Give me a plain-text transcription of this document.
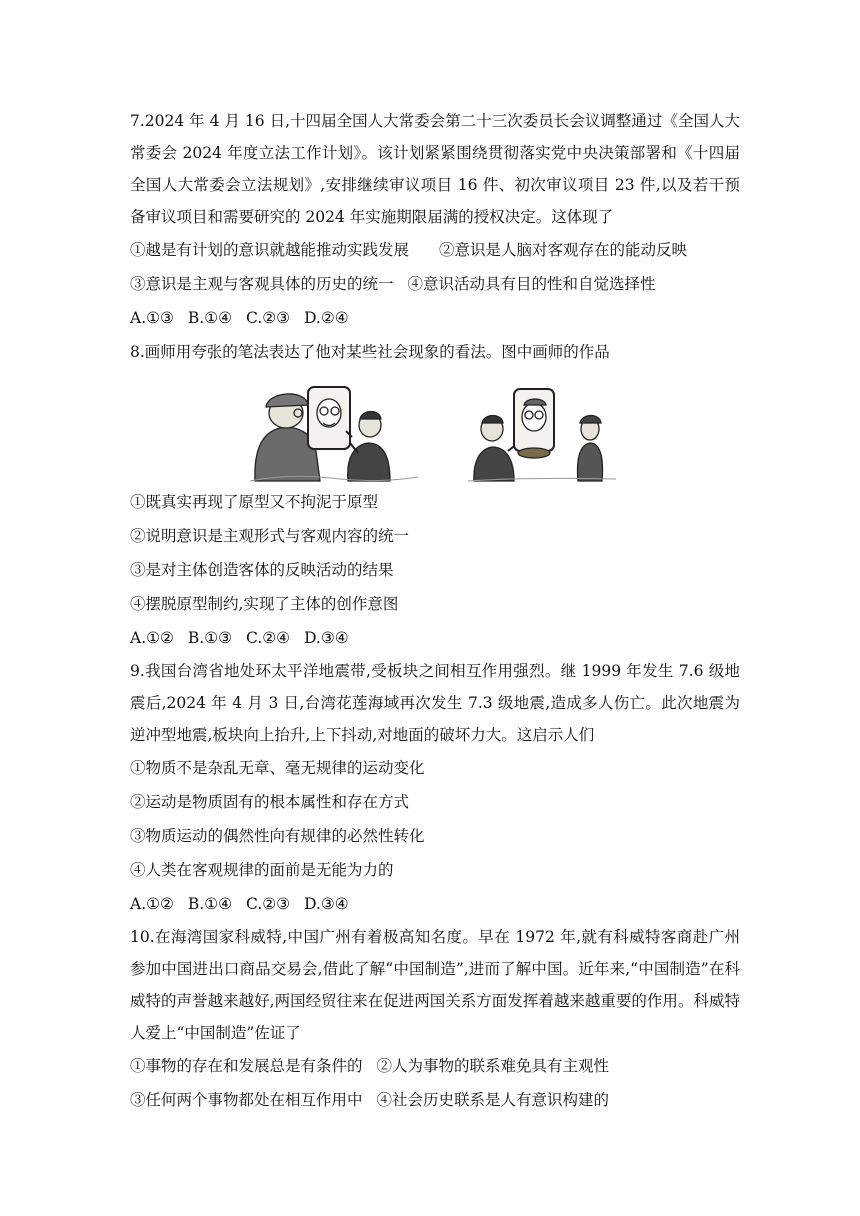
7.2024 年 4 月 16 日,十四届全国人大常委会第二十三次委员长会议调整通过《全国人大常委会 2024 年度立法工作计划》。该计划紧紧围绕贯彻落实党中央决策部署和《十四届全国人大常委会立法规划》,安排继续审议项目 16 件、初次审议项目 23 件,以及若干预备审议项目和需要研究的 2024 年实施期限届满的授权决定。这体现了

①越是有计划的意识就越能推动实践发展 ②意识是人脑对客观存在的能动反映

③意识是主观与客观具体的历史的统一 ④意识活动具有目的性和自觉选择性

A.①③ B.①④ C.②③ D.②④

8.画师用夸张的笔法表达了他对某些社会现象的看法。图中画师的作品

①既真实再现了原型又不拘泥于原型

②说明意识是主观形式与客观内容的统一

③是对主体创造客体的反映活动的结果

④摆脱原型制约,实现了主体的创作意图

A.①② B.①③ C.②④ D.③④

9.我国台湾省地处环太平洋地震带,受板块之间相互作用强烈。继 1999 年发生 7.6 级地震后,2024 年 4 月 3 日,台湾花莲海域再次发生 7.3 级地震,造成多人伤亡。此次地震为逆冲型地震,板块向上抬升,上下抖动,对地面的破坏力大。这启示人们

①物质不是杂乱无章、毫无规律的运动变化

②运动是物质固有的根本属性和存在方式

③物质运动的偶然性向有规律的必然性转化

④人类在客观规律的面前是无能为力的

A.①② B.①④ C.②③ D.③④

10.在海湾国家科威特,中国广州有着极高知名度。早在 1972 年,就有科威特客商赴广州参加中国进出口商品交易会,借此了解“中国制造”,进而了解中国。近年来,“中国制造”在科威特的声誉越来越好,两国经贸往来在促进两国关系方面发挥着越来越重要的作用。科威特人爱上“中国制造”佐证了

①事物的存在和发展总是有条件的 ②人为事物的联系难免具有主观性

③任何两个事物都处在相互作用中 ④社会历史联系是人有意识构建的
